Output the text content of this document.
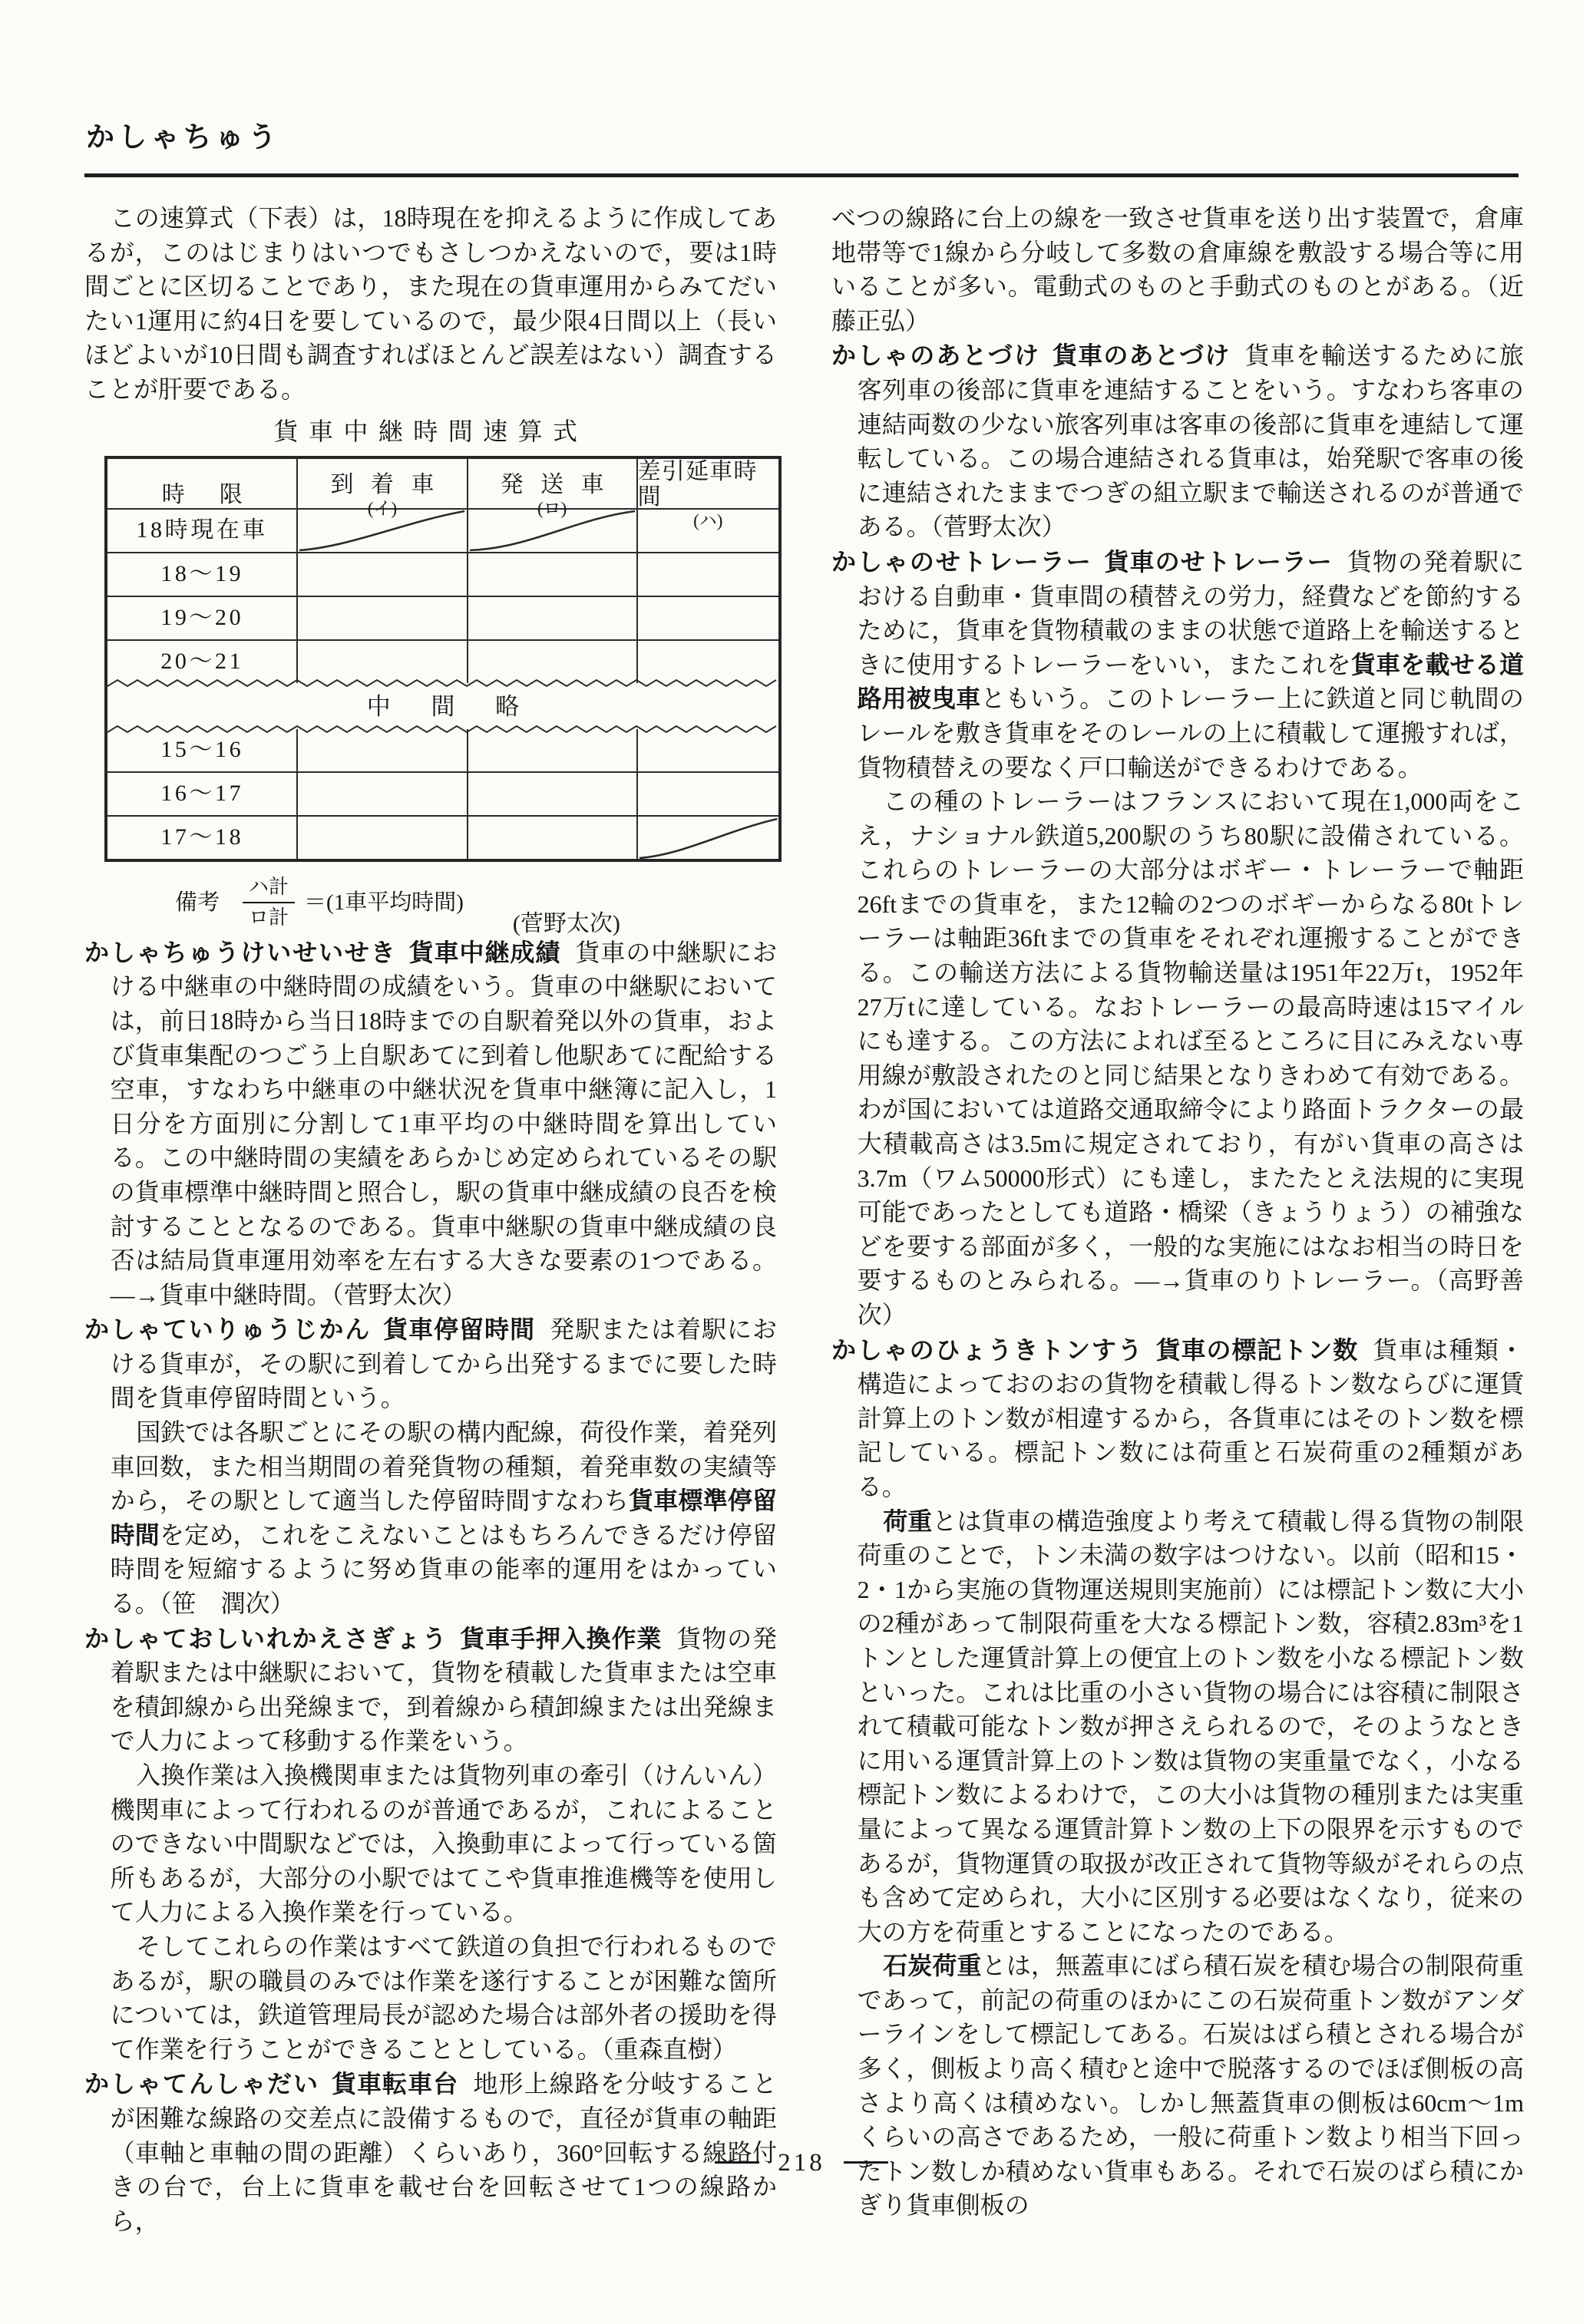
かしゃちゅう

この速算式（下表）は，18時現在を抑えるように作成してあるが，このはじまりはいつでもさしつかえないので，要は1時間ごとに区切ることであり，また現在の貨車運用からみてだいたい1運用に約4日を要しているので，最少限4日間以上（長いほどよいが10日間も調査すればほとんど誤差はない）調査することが肝要である。

貨車中継時間速算式
時限	到着車
(イ)
発送車
(ロ)
差引延車時間
(ハ)
18時現在車
18～19
19～20
20～21
中間略
15～16
16～17
17～18
備考 $\frac{\text{ハ計}}{\text{ロ計}} =(1$車平均時間)
(菅野太次)

かしゃちゅうけいせいせき 貨車中継成績 貨車の中継駅における中継車の中継時間の成績をいう。貨車の中継駅においては，前日18時から当日18時までの自駅着発以外の貨車，および貨車集配のつごう上自駅あてに到着し他駅あてに配給する空車，すなわち中継車の中継状況を貨車中継簿に記入し，1日分を方面別に分割して1車平均の中継時間を算出している。この中継時間の実績をあらかじめ定められているその駅の貨車標準中継時間と照合し，駅の貨車中継成績の良否を検討することとなるのである。貨車中継駅の貨車中継成績の良否は結局貨車運用効率を左右する大きな要素の1つである。—→貨車中継時間。（菅野太次）

かしゃていりゅうじかん 貨車停留時間 発駅または着駅における貨車が，その駅に到着してから出発するまでに要した時間を貨車停留時間という。

国鉄では各駅ごとにその駅の構内配線，荷役作業，着発列車回数，また相当期間の着発貨物の種類，着発車数の実績等から，その駅として適当した停留時間すなわち貨車標準停留時間を定め，これをこえないことはもちろんできるだけ停留時間を短縮するように努め貨車の能率的運用をはかっている。（笹　潤次）

かしゃておしいれかえさぎょう 貨車手押入換作業 貨物の発着駅または中継駅において，貨物を積載した貨車または空車を積卸線から出発線まで，到着線から積卸線または出発線まで人力によって移動する作業をいう。

入換作業は入換機関車または貨物列車の牽引（けんいん）機関車によって行われるのが普通であるが，これによることのできない中間駅などでは，入換動車によって行っている箇所もあるが，大部分の小駅ではてこや貨車推進機等を使用して人力による入換作業を行っている。

そしてこれらの作業はすべて鉄道の負担で行われるものであるが，駅の職員のみでは作業を遂行することが困難な箇所については，鉄道管理局長が認めた場合は部外者の援助を得て作業を行うことができることとしている。（重森直樹）

かしゃてんしゃだい 貨車転車台 地形上線路を分岐することが困難な線路の交差点に設備するもので，直径が貨車の軸距（車軸と車軸の間の距離）くらいあり，360°回転する線路付きの台で，台上に貨車を載せ台を回転させて1つの線路から，

べつの線路に台上の線を一致させ貨車を送り出す装置で，倉庫地帯等で1線から分岐して多数の倉庫線を敷設する場合等に用いることが多い。電動式のものと手動式のものとがある。（近藤正弘）

かしゃのあとづけ 貨車のあとづけ 貨車を輸送するために旅客列車の後部に貨車を連結することをいう。すなわち客車の連結両数の少ない旅客列車は客車の後部に貨車を連結して運転している。この場合連結される貨車は，始発駅で客車の後に連結されたままでつぎの組立駅まで輸送されるのが普通である。（菅野太次）

かしゃのせトレーラー 貨車のせトレーラー 貨物の発着駅における自動車・貨車間の積替えの労力，経費などを節約するために，貨車を貨物積載のままの状態で道路上を輸送するときに使用するトレーラーをいい，またこれを貨車を載せる道路用被曳車ともいう。このトレーラー上に鉄道と同じ軌間のレールを敷き貨車をそのレールの上に積載して運搬すれば，貨物積替えの要なく戸口輸送ができるわけである。

この種のトレーラーはフランスにおいて現在1,000両をこえ，ナショナル鉄道5,200駅のうち80駅に設備されている。これらのトレーラーの大部分はボギー・トレーラーで軸距26ftまでの貨車を，また12輪の2つのボギーからなる80tトレーラーは軸距36ftまでの貨車をそれぞれ運搬することができる。この輸送方法による貨物輸送量は1951年22万t，1952年27万tに達している。なおトレーラーの最高時速は15マイルにも達する。この方法によれば至るところに目にみえない専用線が敷設されたのと同じ結果となりきわめて有効である。わが国においては道路交通取締令により路面トラクターの最大積載高さは3.5mに規定されており，有がい貨車の高さは3.7m（ワム50000形式）にも達し，またたとえ法規的に実現可能であったとしても道路・橋梁（きょうりょう）の補強などを要する部面が多く，一般的な実施にはなお相当の時日を要するものとみられる。—→貨車のりトレーラー。（高野善次）

かしゃのひょうきトンすう 貨車の標記トン数 貨車は種類・構造によっておのおの貨物を積載し得るトン数ならびに運賃計算上のトン数が相違するから，各貨車にはそのトン数を標記している。標記トン数には荷重と石炭荷重の2種類がある。

荷重とは貨車の構造強度より考えて積載し得る貨物の制限荷重のことで，トン未満の数字はつけない。以前（昭和15・2・1から実施の貨物運送規則実施前）には標記トン数に大小の2種があって制限荷重を大なる標記トン数，容積2.83m³を1トンとした運賃計算上の便宜上のトン数を小なる標記トン数といった。これは比重の小さい貨物の場合には容積に制限されて積載可能なトン数が押さえられるので，そのようなときに用いる運賃計算上のトン数は貨物の実重量でなく，小なる標記トン数によるわけで，この大小は貨物の種別または実重量によって異なる運賃計算トン数の上下の限界を示すものであるが，貨物運賃の取扱が改正されて貨物等級がそれらの点も含めて定められ，大小に区別する必要はなくなり，従来の大の方を荷重とすることになったのである。

石炭荷重とは，無蓋車にばら積石炭を積む場合の制限荷重であって，前記の荷重のほかにこの石炭荷重トン数がアンダーラインをして標記してある。石炭はばら積とされる場合が多く，側板より高く積むと途中で脱落するのでほぼ側板の高さより高くは積めない。しかし無蓋貨車の側板は60cm～1mくらいの高さであるため，一般に荷重トン数より相当下回ったトン数しか積めない貨車もある。それで石炭のばら積にかぎり貨車側板の

218
